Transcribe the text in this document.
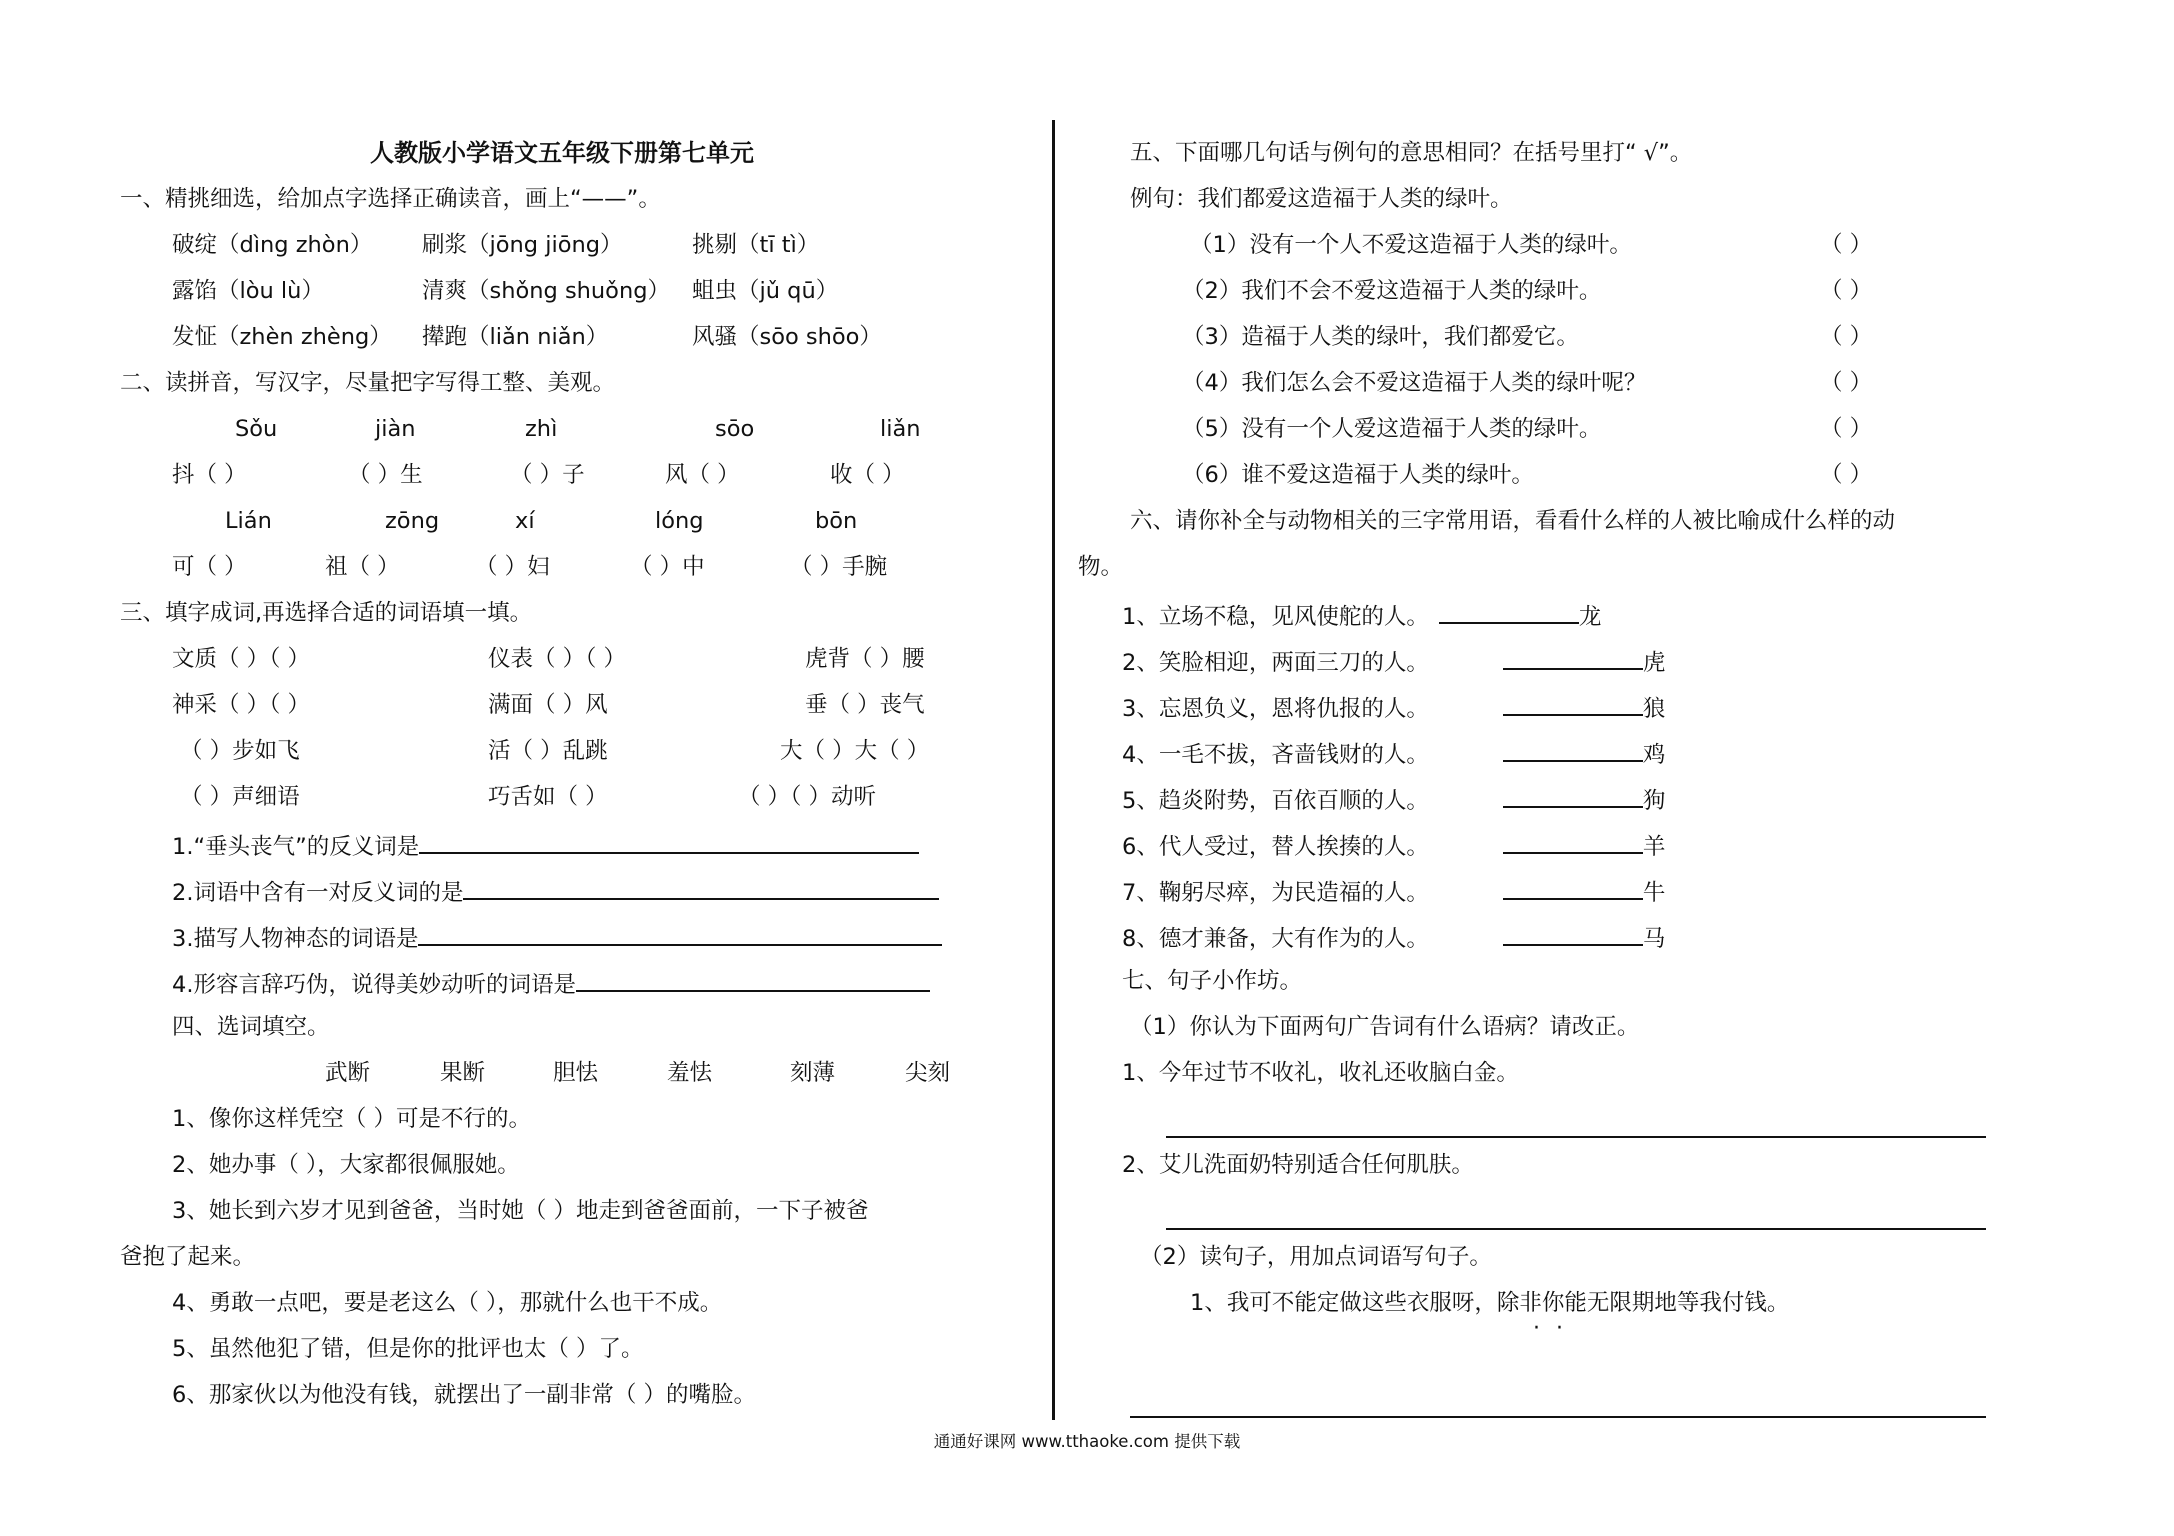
人教版小学语文五年级下册第七单元
一、精挑细选，给加点字选择正确读音，画上“——”。
破绽（dìng zhòn） 刷浆（jōng jiōng）	挑剔（tī tì）
露馅（lòu lù）	清爽（shǒng shuǒng） 蛆虫（jǔ qū）
发怔（zhèn zhèng） 撵跑（liǎn niǎn）	风骚（sōo shōo）
二、读拼音，写汉字，尽量把字写得工整、美观。
Sǒu	jiàn	zhì	sōo	liǎn
抖（ ）	（ ）生	（ ）子	风（ ）	收（ ）
Lián	zōng	xí	lóng	bōn
可（ ）	祖（ ）	（ ）妇	（ ）中	（ ）手腕
三、填字成词,再选择合适的词语填一填。
文质（ ）（ ）	仪表（ ）（ ）	虎背（ ）腰
神采（ ）（ ）	满面（ ）风	垂（ ）丧气
（ ）步如飞	活（ ）乱跳	大（ ）大（ ）
（ ）声细语	巧舌如（ ）	（ ）（ ）动听
1.“垂头丧气”的反义词是
2.词语中含有一对反义词的是
3.描写人物神态的词语是
4.形容言辞巧伪，说得美妙动听的词语是
四、选词填空。
武断	果断	胆怯	羞怯	刻薄	尖刻
1、像你这样凭空（ ）可是不行的。
2、她办事（ ），大家都很佩服她。
3、她长到六岁才见到爸爸，当时她（ ）地走到爸爸面前，一下子被爸
爸抱了起来。
4、勇敢一点吧，要是老这么（ ），那就什么也干不成。
5、虽然他犯了错，但是你的批评也太（ ）了。
6、那家伙以为他没有钱，就摆出了一副非常（ ）的嘴脸。
五、下面哪几句话与例句的意思相同？在括号里打“ √”。
例句：我们都爱这造福于人类的绿叶。
（1）没有一个人不爱这造福于人类的绿叶。	（ ）
（2）我们不会不爱这造福于人类的绿叶。	（ ）
（3）造福于人类的绿叶，我们都爱它。	（ ）
（4）我们怎么会不爱这造福于人类的绿叶呢？	（ ）
（5）没有一个人爱这造福于人类的绿叶。	（ ）
（6）谁不爱这造福于人类的绿叶。	（ ）
六、请你补全与动物相关的三字常用语，看看什么样的人被比喻成什么样的动
物。
1、立场不稳，见风使舵的人。	龙
2、笑脸相迎，两面三刀的人。	虎
3、忘恩负义，恩将仇报的人。	狼
4、一毛不拔，吝啬钱财的人。	鸡
5、趋炎附势，百依百顺的人。	狗
6、代人受过，替人挨揍的人。	羊
7、鞠躬尽瘁，为民造福的人。	牛
8、德才兼备，大有作为的人。	马
七、句子小作坊。
（1）你认为下面两句广告词有什么语病？请改正。
1、今年过节不收礼，收礼还收脑白金。
2、艾儿洗面奶特别适合任何肌肤。
（2）读句子，用加点词语写句子。
1、我可不能定做这些衣服呀，除非你能无限期地等我付钱。
··
通通好课网 www.tthaoke.com 提供下载
